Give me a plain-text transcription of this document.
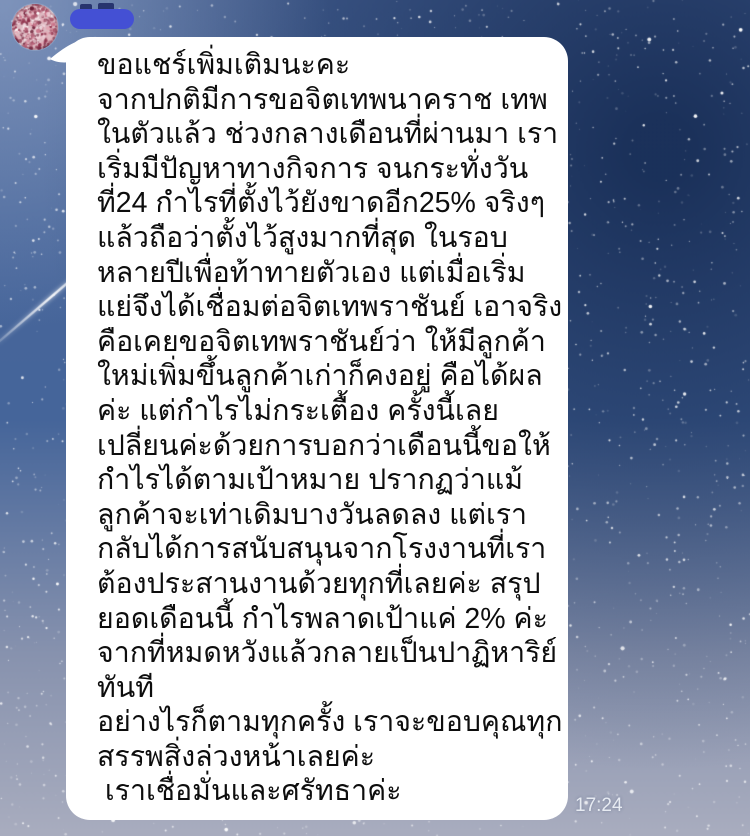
ขอแชร์เพิ่มเติมนะคะ
จากปกติมีการขอจิตเทพนาคราช เทพ
ในตัวแล้ว ช่วงกลางเดือนที่ผ่านมา เรา
เริ่มมีปัญหาทางกิจการ จนกระทั่งวัน
ที่24 กำไรที่ตั้งไว้ยังขาดอีก25% จริงๆ
แล้วถือว่าตั้งไว้สูงมากที่สุด ในรอบ
หลายปีเพื่อท้าทายตัวเอง แต่เมื่อเริ่ม
แย่จึงได้เชื่อมต่อจิตเทพราชันย์ เอาจริง
คือเคยขอจิตเทพราชันย์ว่า ให้มีลูกค้า
ใหม่เพิ่มขึ้นลูกค้าเก่าก็คงอยู่ คือได้ผล
ค่ะ แต่กำไรไม่กระเตื้อง ครั้งนี้เลย
เปลี่ยนค่ะด้วยการบอกว่าเดือนนี้ขอให้
กำไรได้ตามเป้าหมาย ปรากฏว่าแม้
ลูกค้าจะเท่าเดิมบางวันลดลง แต่เรา
กลับได้การสนับสนุนจากโรงงานที่เรา
ต้องประสานงานด้วยทุกที่เลยค่ะ สรุป
ยอดเดือนนี้ กำไรพลาดเป้าแค่ 2% ค่ะ
จากที่หมดหวังแล้วกลายเป็นปาฏิหาริย์
ทันที
อย่างไรก็ตามทุกครั้ง เราจะขอบคุณทุก
สรรพสิ่งล่วงหน้าเลยค่ะ
เราเชื่อมั่นและศรัทธาค่ะ	17:24
